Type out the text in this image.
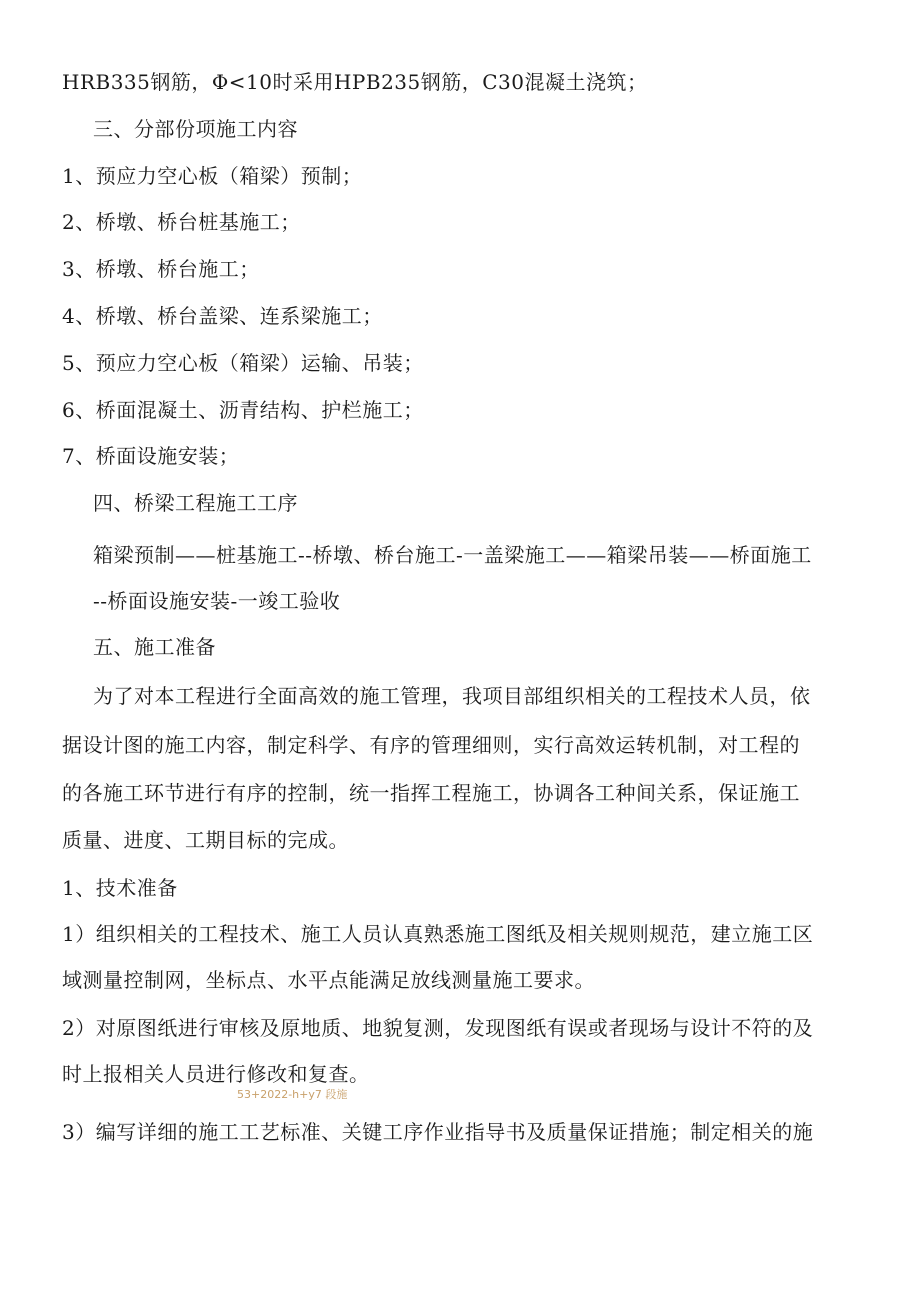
HRB335钢筋，Φ<10时采用HPB235钢筋，C30混凝土浇筑；
三、分部份项施工内容
1、预应力空心板（箱梁）预制；
2、桥墩、桥台桩基施工；
3、桥墩、桥台施工；
4、桥墩、桥台盖梁、连系梁施工；
5、预应力空心板（箱梁）运输、吊装；
6、桥面混凝土、沥青结构、护栏施工；
7、桥面设施安装；
四、桥梁工程施工工序
箱梁预制——桩基施工--桥墩、桥台施工-一盖梁施工——箱梁吊装——桥面施工
--桥面设施安装-一竣工验收
五、施工准备
为了对本工程进行全面高效的施工管理，我项目部组织相关的工程技术人员，依
据设计图的施工内容，制定科学、有序的管理细则，实行高效运转机制，对工程的
的各施工环节进行有序的控制，统一指挥工程施工，协调各工种间关系，保证施工
质量、进度、工期目标的完成。
1、技术准备
1）组织相关的工程技术、施工人员认真熟悉施工图纸及相关规则规范，建立施工区
域测量控制网，坐标点、水平点能满足放线测量施工要求。
2）对原图纸进行审核及原地质、地貌复测，发现图纸有误或者现场与设计不符的及
时上报相关人员进行修改和复查。
53+2022-h+y7 段施
3）编写详细的施工工艺标准、关键工序作业指导书及质量保证措施；制定相关的施
